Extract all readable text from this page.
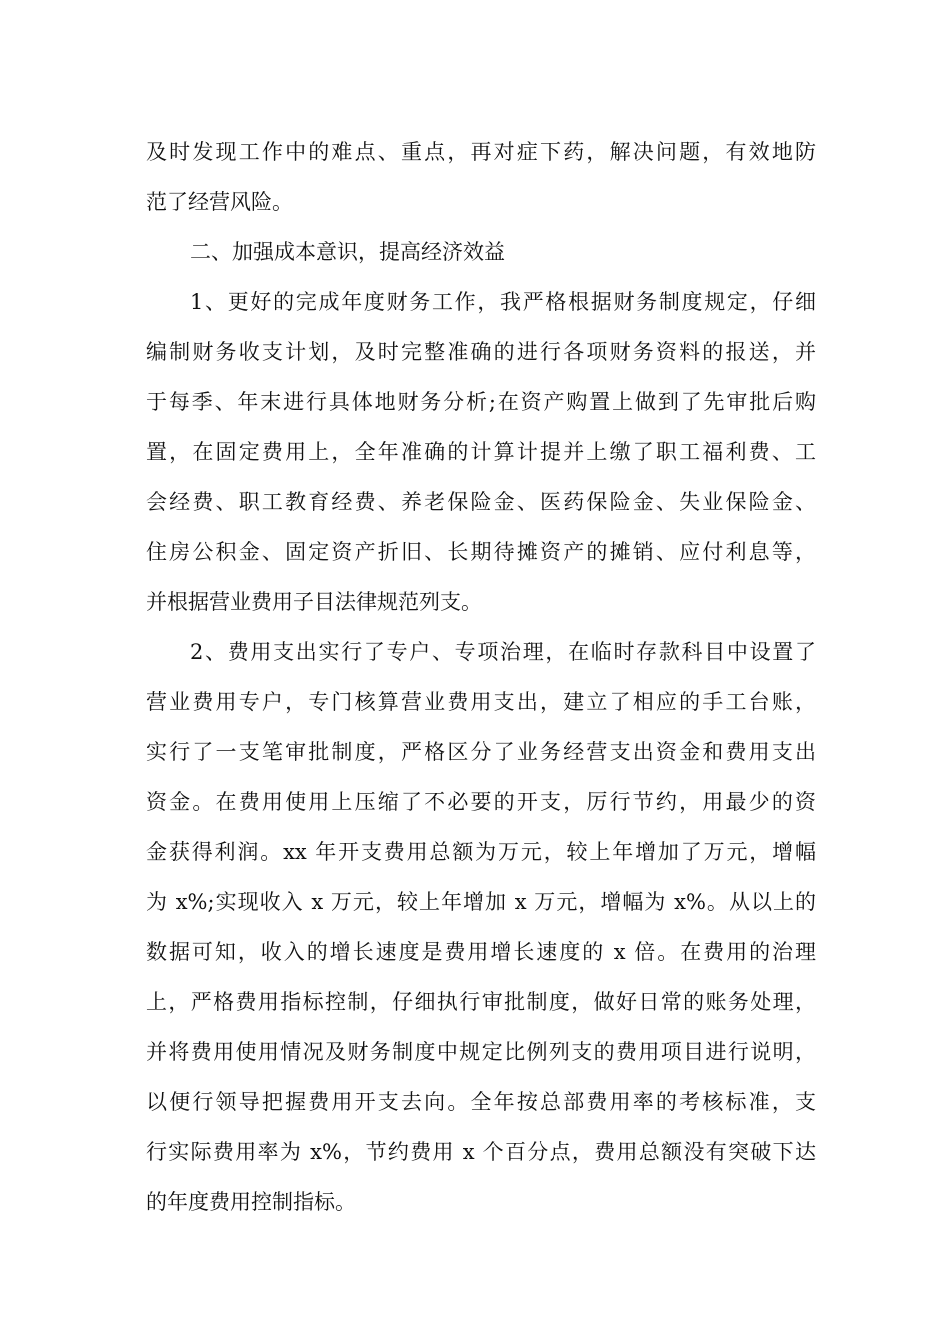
及时发现工作中的难点、重点，再对症下药，解决问题，有效地防
范了经营风险。
二、加强成本意识，提高经济效益
1、更好的完成年度财务工作，我严格根据财务制度规定，仔细
编制财务收支计划，及时完整准确的进行各项财务资料的报送，并
于每季、年末进行具体地财务分析;在资产购置上做到了先审批后购
置，在固定费用上，全年准确的计算计提并上缴了职工福利费、工
会经费、职工教育经费、养老保险金、医药保险金、失业保险金、
住房公积金、固定资产折旧、长期待摊资产的摊销、应付利息等，
并根据营业费用子目法律规范列支。
2、费用支出实行了专户、专项治理，在临时存款科目中设置了
营业费用专户，专门核算营业费用支出，建立了相应的手工台账，
实行了一支笔审批制度，严格区分了业务经营支出资金和费用支出
资金。在费用使用上压缩了不必要的开支，厉行节约，用最少的资
金获得利润。xx 年开支费用总额为万元，较上年增加了万元，增幅
为 x%;实现收入 x 万元，较上年增加 x 万元，增幅为 x%。从以上的
数据可知，收入的增长速度是费用增长速度的 x 倍。在费用的治理
上，严格费用指标控制，仔细执行审批制度，做好日常的账务处理，
并将费用使用情况及财务制度中规定比例列支的费用项目进行说明，
以便行领导把握费用开支去向。全年按总部费用率的考核标准，支
行实际费用率为 x%，节约费用 x 个百分点，费用总额没有突破下达
的年度费用控制指标。
